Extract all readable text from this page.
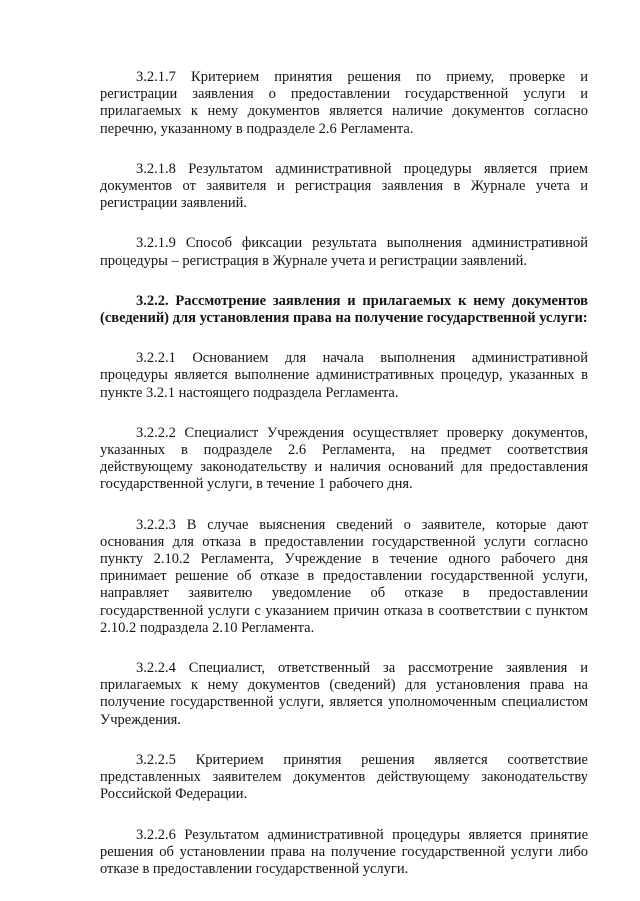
3.2.1.7 Критерием принятия решения по приему, проверке и регистрации заявления о предоставлении государственной услуги и прилагаемых к нему документов является наличие документов согласно перечню, указанному в подразделе 2.6 Регламента.

3.2.1.8 Результатом административной процедуры является прием документов от заявителя и регистрация заявления в Журнале учета и регистрации заявлений.

3.2.1.9 Способ фиксации результата выполнения административной процедуры – регистрация в Журнале учета и регистрации заявлений.

3.2.2. Рассмотрение заявления и прилагаемых к нему документов (сведений) для установления права на получение государственной услуги:

3.2.2.1 Основанием для начала выполнения административной процедуры является выполнение административных процедур, указанных в пункте 3.2.1 настоящего подраздела Регламента.

3.2.2.2 Специалист Учреждения осуществляет проверку документов, указанных в подразделе 2.6 Регламента, на предмет соответствия действующему законодательству и наличия оснований для предоставления государственной услуги, в течение 1 рабочего дня.

3.2.2.3 В случае выяснения сведений о заявителе, которые дают основания для отказа в предоставлении государственной услуги согласно пункту 2.10.2 Регламента, Учреждение в течение одного рабочего дня принимает решение об отказе в предоставлении государственной услуги, направляет заявителю уведомление об отказе в предоставлении государственной услуги с указанием причин отказа в соответствии с пунктом 2.10.2 подраздела 2.10 Регламента.

3.2.2.4 Специалист, ответственный за рассмотрение заявления и прилагаемых к нему документов (сведений) для установления права на получение государственной услуги, является уполномоченным специалистом Учреждения.

3.2.2.5 Критерием принятия решения является соответствие представленных заявителем документов действующему законодательству Российской Федерации.

3.2.2.6 Результатом административной процедуры является принятие решения об установлении права на получение государственной услуги либо отказе в предоставлении государственной услуги.
